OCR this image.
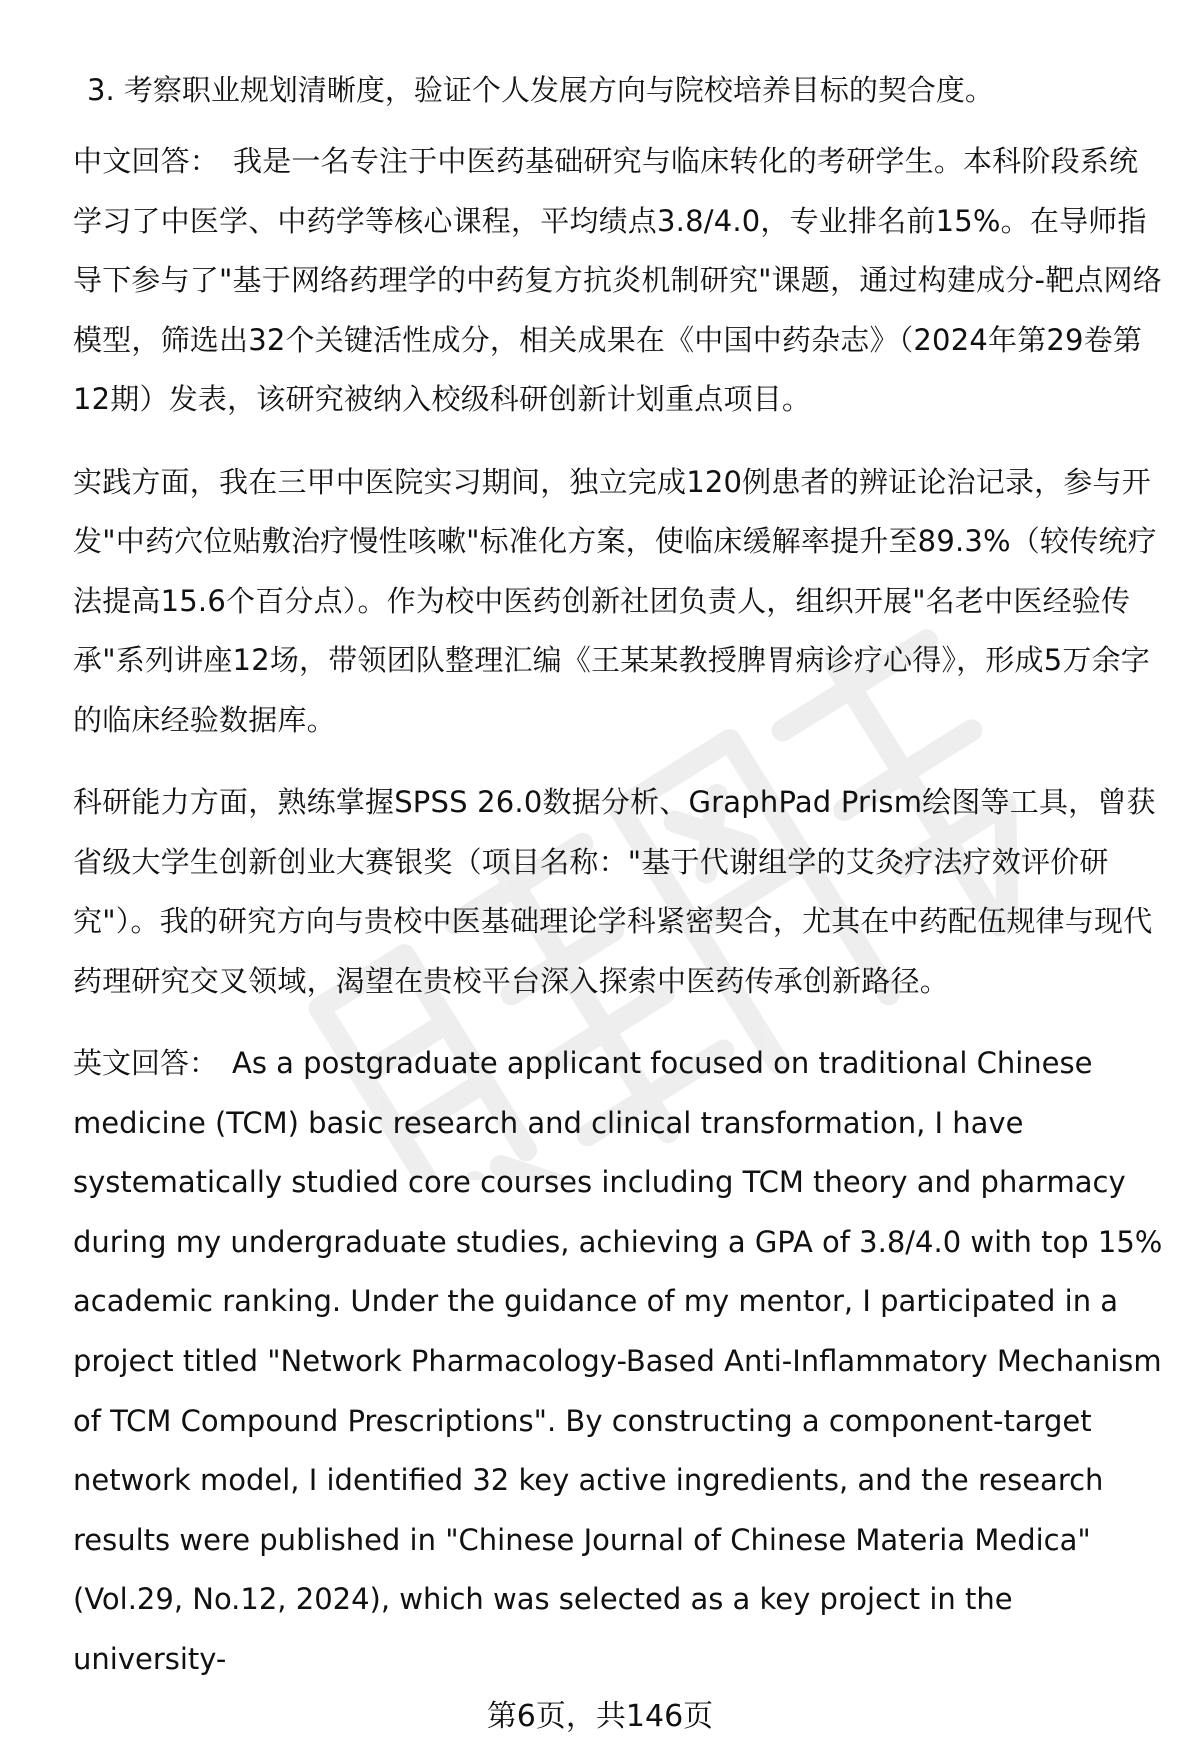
3. 考察职业规划清晰度，验证个人发展方向与院校培养目标的契合度。
中文回答： 我是一名专注于中医药基础研究与临床转化的考研学生。本科阶段系统学习了中医学、中药学等核心课程，平均绩点3.8/4.0，专业排名前15%。在导师指导下参与了"基于网络药理学的中药复方抗炎机制研究"课题，通过构建成分-靶点网络模型，筛选出32个关键活性成分，相关成果在《中国中药杂志》（2024年第29卷第12期）发表，该研究被纳入校级科研创新计划重点项目。
实践方面，我在三甲中医院实习期间，独立完成120例患者的辨证论治记录，参与开发"中药穴位贴敷治疗慢性咳嗽"标准化方案，使临床缓解率提升至89.3%（较传统疗法提高15.6个百分点）。作为校中医药创新社团负责人，组织开展"名老中医经验传承"系列讲座12场，带领团队整理汇编《王某某教授脾胃病诊疗心得》，形成5万余字的临床经验数据库。
科研能力方面，熟练掌握SPSS 26.0数据分析、GraphPad Prism绘图等工具，曾获省级大学生创新创业大赛银奖（项目名称："基于代谢组学的艾灸疗法疗效评价研究"）。我的研究方向与贵校中医基础理论学科紧密契合，尤其在中药配伍规律与现代药理研究交叉领域，渴望在贵校平台深入探索中医药传承创新路径。
英文回答： As a postgraduate applicant focused on traditional Chinese medicine (TCM) basic research and clinical transformation, I have systematically studied core courses including TCM theory and pharmacy during my undergraduate studies, achieving a GPA of 3.8/4.0 with top 15% academic ranking. Under the guidance of my mentor, I participated in a project titled "Network Pharmacology-Based Anti-Inflammatory Mechanism of TCM Compound Prescriptions". By constructing a component-target network model, I identified 32 key active ingredients, and the research results were published in "Chinese Journal of Chinese Materia Medica" (Vol.29, No.12, 2024), which was selected as a key project in the university-
第6页，共146页
